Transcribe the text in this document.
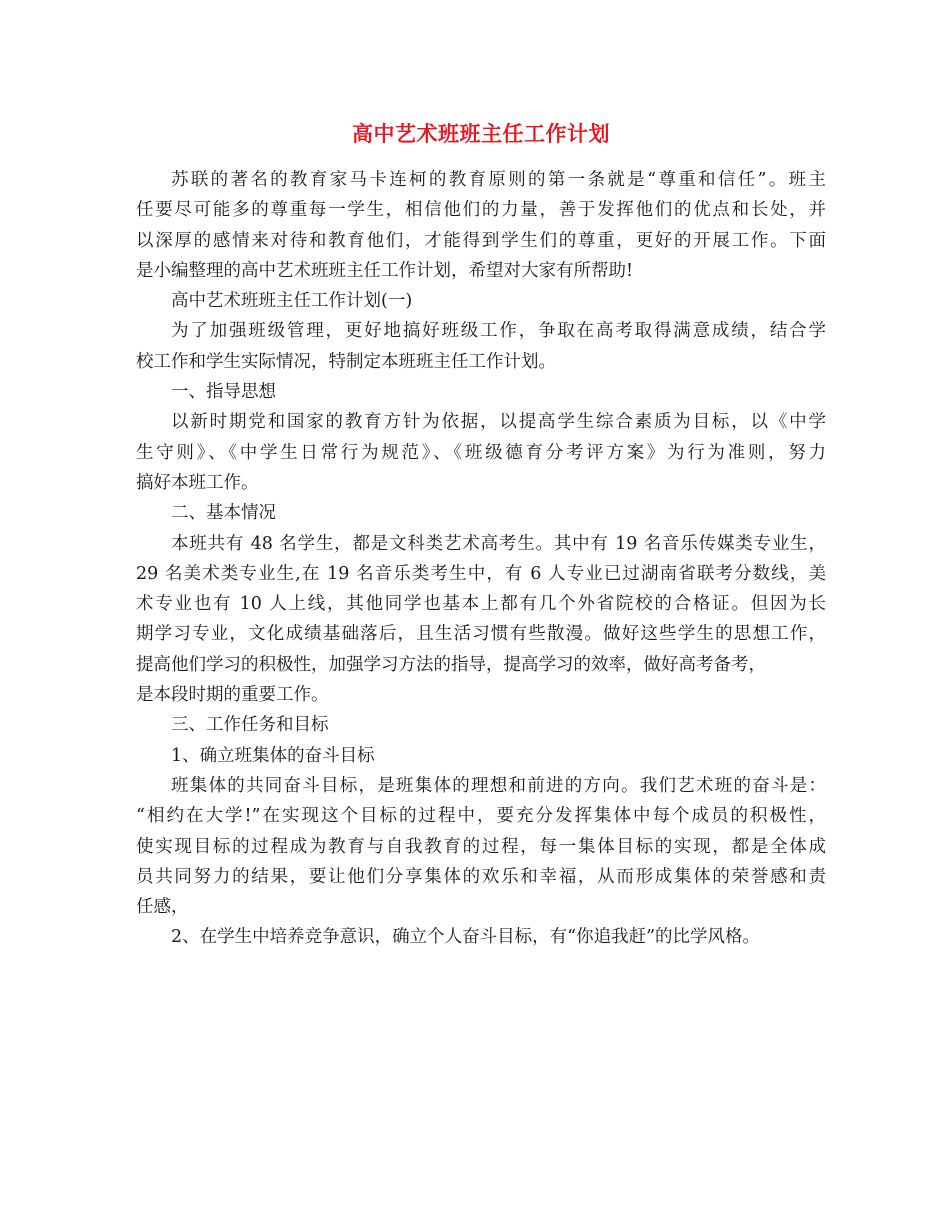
高中艺术班班主任工作计划
苏联的著名的教育家马卡连柯的教育原则的第一条就是“尊重和信任”。班主
任要尽可能多的尊重每一学生，相信他们的力量，善于发挥他们的优点和长处，并
以深厚的感情来对待和教育他们，才能得到学生们的尊重，更好的开展工作。下面
是小编整理的高中艺术班班主任工作计划，希望对大家有所帮助!
高中艺术班班主任工作计划(一)
为了加强班级管理，更好地搞好班级工作，争取在高考取得满意成绩，结合学
校工作和学生实际情况，特制定本班班主任工作计划。
一、指导思想
以新时期党和国家的教育方针为依据，以提高学生综合素质为目标，以《中学
生守则》、《中学生日常行为规范》、《班级德育分考评方案》为行为准则，努力
搞好本班工作。
二、基本情况
本班共有 48 名学生，都是文科类艺术高考生。其中有 19 名音乐传媒类专业生，
29 名美术类专业生,在 19 名音乐类考生中，有 6 人专业已过湖南省联考分数线，美
术专业也有 10 人上线，其他同学也基本上都有几个外省院校的合格证。但因为长
期学习专业，文化成绩基础落后，且生活习惯有些散漫。做好这些学生的思想工作，
提高他们学习的积极性，加强学习方法的指导，提高学习的效率，做好高考备考，
是本段时期的重要工作。
三、工作任务和目标
1、确立班集体的奋斗目标
班集体的共同奋斗目标，是班集体的理想和前进的方向。我们艺术班的奋斗是：
“相约在大学!”在实现这个目标的过程中，要充分发挥集体中每个成员的积极性，
使实现目标的过程成为教育与自我教育的过程，每一集体目标的实现，都是全体成
员共同努力的结果，要让他们分享集体的欢乐和幸福，从而形成集体的荣誉感和责
任感，
2、在学生中培养竞争意识，确立个人奋斗目标，有“你追我赶”的比学风格。
